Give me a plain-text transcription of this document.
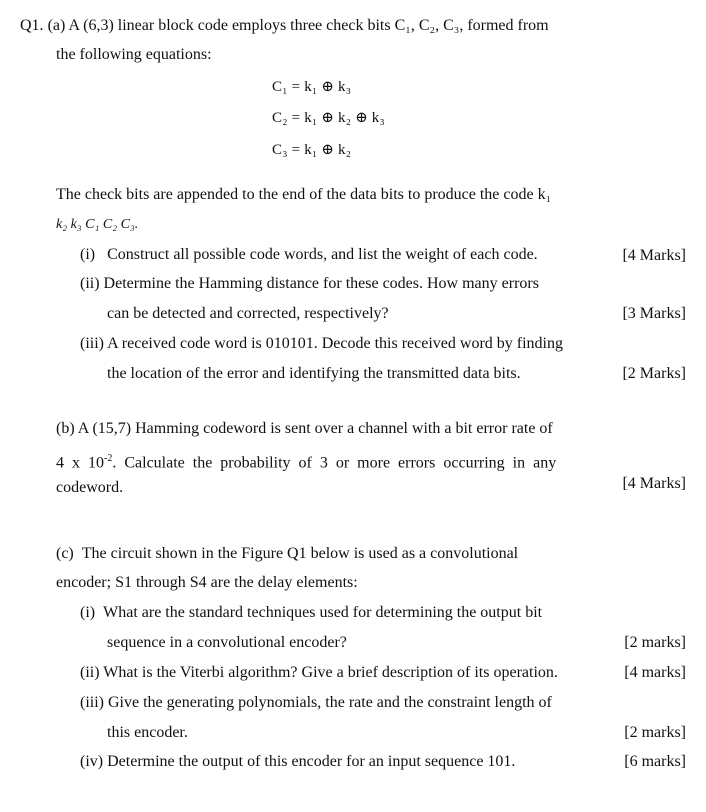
Q1. (a) A (6,3) linear block code employs three check bits C₁, C₂, C₃, formed from
the following equations:
C₁ = k₁ ⊕ k₃
C₂ = k₁ ⊕ k₂ ⊕ k₃
C₃ = k₁ ⊕ k₂
The check bits are appended to the end of the data bits to produce the code k₁
k₂ k₃ C₁ C₂ C₃.
(i) Construct all possible code words, and list the weight of each code.	[4 Marks]
(ii) Determine the Hamming distance for these codes. How many errors
can be detected and corrected, respectively?	[3 Marks]
(iii) A received code word is 010101. Decode this received word by finding
the location of the error and identifying the transmitted data bits.	[2 Marks]
(b) A (15,7) Hamming codeword is sent over a channel with a bit error rate of
4 x $10^{-2}$. Calculate the probability of 3 or more errors occurring in any
codeword.	[4 Marks]
(c) The circuit shown in the Figure Q1 below is used as a convolutional
encoder; S1 through S4 are the delay elements:
(i) What are the standard techniques used for determining the output bit
sequence in a convolutional encoder?	[2 marks]
(ii) What is the Viterbi algorithm? Give a brief description of its operation.	[4 marks]
(iii) Give the generating polynomials, the rate and the constraint length of
this encoder.	[2 marks]
(iv) Determine the output of this encoder for an input sequence 101.	[6 marks]
